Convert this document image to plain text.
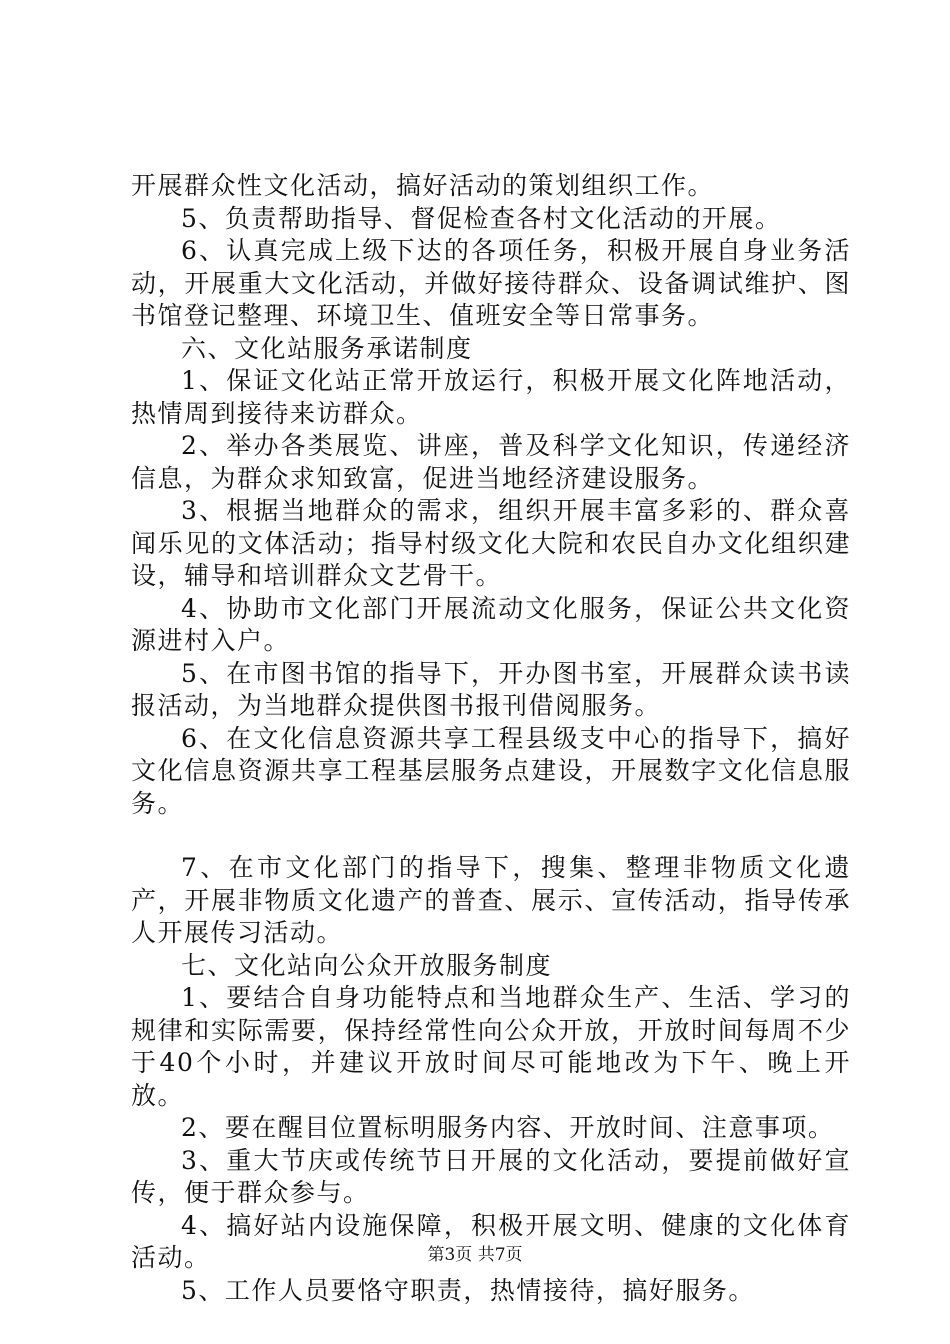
开展群众性文化活动，搞好活动的策划组织工作。

5、负责帮助指导、督促检查各村文化活动的开展。

6、认真完成上级下达的各项任务，积极开展自身业务活动，开展重大文化活动，并做好接待群众、设备调试维护、图书馆登记整理、环境卫生、值班安全等日常事务。

六、文化站服务承诺制度

1、保证文化站正常开放运行，积极开展文化阵地活动，热情周到接待来访群众。

2、举办各类展览、讲座，普及科学文化知识，传递经济信息，为群众求知致富，促进当地经济建设服务。

3、根据当地群众的需求，组织开展丰富多彩的、群众喜闻乐见的文体活动；指导村级文化大院和农民自办文化组织建设，辅导和培训群众文艺骨干。

4、协助市文化部门开展流动文化服务，保证公共文化资源进村入户。

5、在市图书馆的指导下，开办图书室，开展群众读书读报活动，为当地群众提供图书报刊借阅服务。

6、在文化信息资源共享工程县级支中心的指导下，搞好文化信息资源共享工程基层服务点建设，开展数字文化信息服务。

7、在市文化部门的指导下，搜集、整理非物质文化遗产，开展非物质文化遗产的普查、展示、宣传活动，指导传承人开展传习活动。

七、文化站向公众开放服务制度

1、要结合自身功能特点和当地群众生产、生活、学习的规律和实际需要，保持经常性向公众开放，开放时间每周不少于40个小时，并建议开放时间尽可能地改为下午、晚上开放。

2、要在醒目位置标明服务内容、开放时间、注意事项。

3、重大节庆或传统节日开展的文化活动，要提前做好宣传，便于群众参与。

4、搞好站内设施保障，积极开展文明、健康的文化体育活动。

5、工作人员要恪守职责，热情接待，搞好服务。

第3页 共7页
